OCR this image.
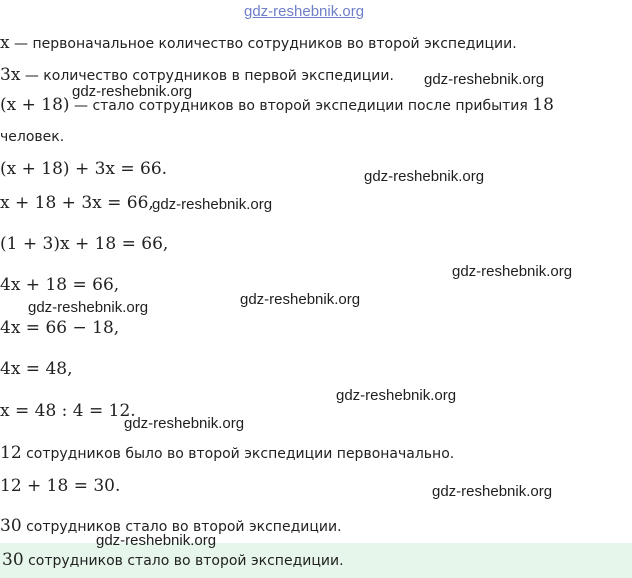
gdz-reshebnik.org
x — первоначальное количество сотрудников во второй экспедиции.
3x — количество сотрудников в первой экспедиции.
(x + 18) — стало сотрудников во второй экспедиции после прибытия 18
человек.
(x + 18) + 3x = 66.
x + 18 + 3x = 66,
(1 + 3)x + 18 = 66,
4x + 18 = 66,
4x = 66 − 18,
4x = 48,
x = 48 : 4 = 12.
12 сотрудников было во второй экспедиции первоначально.
12 + 18 = 30.
30 сотрудников стало во второй экспедиции.
30 сотрудников стало во второй экспедиции.
gdz-reshebnik.org
gdz-reshebnik.org
gdz-reshebnik.org
gdz-reshebnik.org
gdz-reshebnik.org
gdz-reshebnik.org
gdz-reshebnik.org
gdz-reshebnik.org
gdz-reshebnik.org
gdz-reshebnik.org
gdz-reshebnik.org
